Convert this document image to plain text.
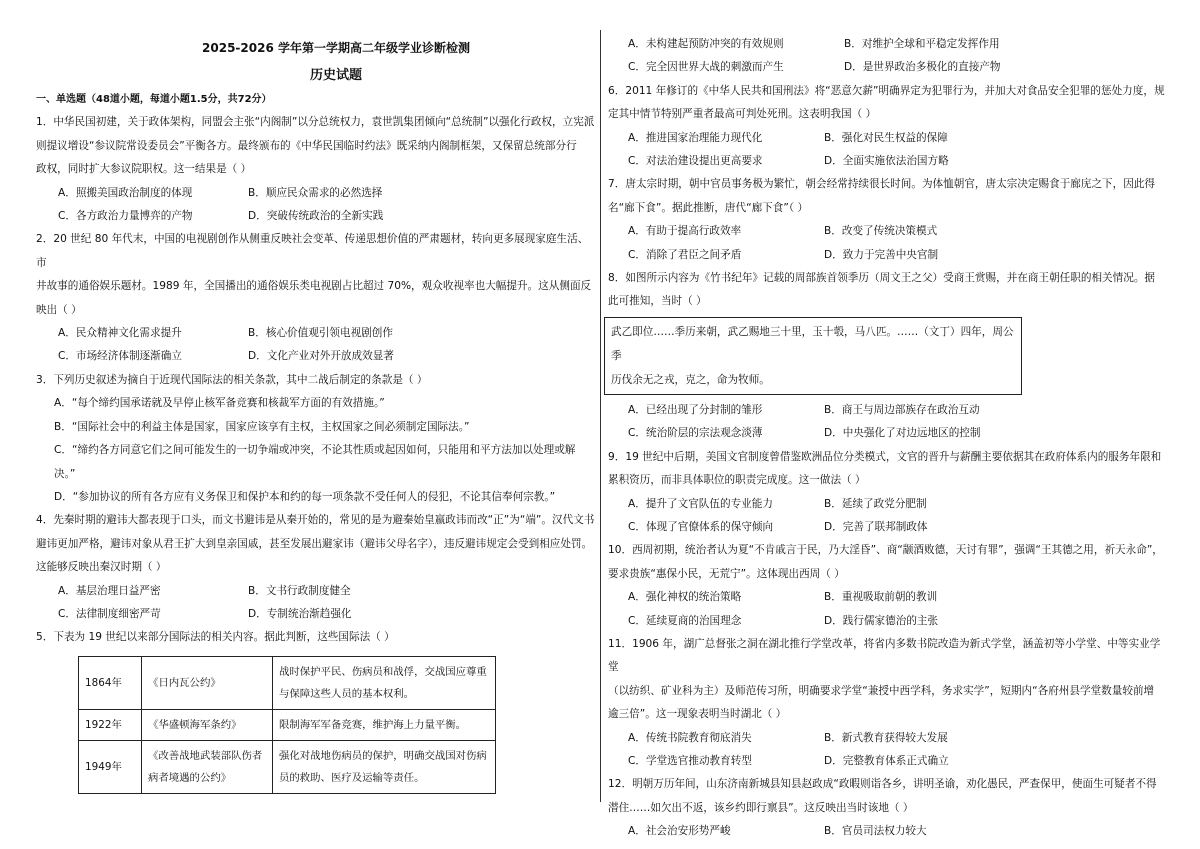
2025-2026 学年第一学期高二年级学业诊断检测
历史试题
一、单选题（48道小题，每道小题1.5分，共72分）
1．中华民国初建，关于政体架构，同盟会主张“内阁制”以分总统权力，袁世凯集团倾向“总统制”以强化行政权，立宪派
则提议增设“参议院常设委员会”平衡各方。最终颁布的《中华民国临时约法》既采纳内阁制框架，又保留总统部分行
政权，同时扩大参议院职权。这一结果是（ ）
A．照搬美国政治制度的体现	B．顺应民众需求的必然选择
C．各方政治力量博弈的产物	D．突破传统政治的全新实践
2．20 世纪 80 年代末，中国的电视剧创作从侧重反映社会变革、传递思想价值的严肃题材，转向更多展现家庭生活、市
井故事的通俗娱乐题材。1989 年，全国播出的通俗娱乐类电视剧占比超过 70%，观众收视率也大幅提升。这从侧面反
映出（ ）
A．民众精神文化需求提升	B．核心价值观引领电视剧创作
C．市场经济体制逐渐确立	D．文化产业对外开放成效显著
3．下列历史叙述为摘自于近现代国际法的相关条款，其中二战后制定的条款是（ ）
A．“每个缔约国承诺就及早停止核军备竞赛和核裁军方面的有效措施。”
B．“国际社会中的利益主体是国家，国家应该享有主权，主权国家之间必须制定国际法。”
C．“缔约各方同意它们之间可能发生的一切争端或冲突，不论其性质或起因如何，只能用和平方法加以处理或解
决。”
D．“参加协议的所有各方应有义务保卫和保护本和约的每一项条款不受任何人的侵犯，不论其信奉何宗教。”
4．先秦时期的避讳大都表现于口头，而文书避讳是从秦开始的，常见的是为避秦始皇嬴政讳而改“正”为“端”。汉代文书
避讳更加严格，避讳对象从君王扩大到皇亲国戚，甚至发展出避家讳（避讳父母名字），违反避讳规定会受到相应处罚。
这能够反映出秦汉时期（ ）
A．基层治理日益严密	B．文书行政制度健全
C．法律制度细密严苛	D．专制统治渐趋强化
5．下表为 19 世纪以来部分国际法的相关内容。据此判断，这些国际法（ ）
1864年	《日内瓦公约》	战时保护平民、伤病员和战俘，交战国应尊重与保障这些人员的基本权利。
1922年	《华盛顿海军条约》	限制海军军备竞赛，维护海上力量平衡。
1949年	《改善战地武装部队伤者病者境遇的公约》	强化对战地伤病员的保护，明确交战国对伤病员的救助、医疗及运输等责任。
A．未构建起预防冲突的有效规则	B．对维护全球和平稳定发挥作用
C．完全因世界大战的刺激而产生	D．是世界政治多极化的直接产物
6．2011 年修订的《中华人民共和国刑法》将“恶意欠薪”明确界定为犯罪行为，并加大对食品安全犯罪的惩处力度，规
定其中情节特别严重者最高可判处死刑。这表明我国（ ）
A．推进国家治理能力现代化	B．强化对民生权益的保障
C．对法治建设提出更高要求	D．全面实施依法治国方略
7．唐太宗时期，朝中官员事务极为繁忙，朝会经常持续很长时间。为体恤朝官，唐太宗决定赐食于廊庑之下，因此得
名“廊下食”。据此推断，唐代“廊下食”（ ）
A．有助于提高行政效率	B．改变了传统决策模式
C．消除了君臣之间矛盾	D．致力于完善中央官制
8．如图所示内容为《竹书纪年》记载的周部族首领季历（周文王之父）受商王赏赐，并在商王朝任职的相关情况。据
此可推知，当时（ ）
武乙即位……季历来朝，武乙赐地三十里，玉十彀，马八匹。……（文丁）四年，周公季
历伐余无之戎，克之，命为牧师。
A．已经出现了分封制的雏形	B．商王与周边部族存在政治互动
C．统治阶层的宗法观念淡薄	D．中央强化了对边远地区的控制
9．19 世纪中后期，美国文官制度曾借鉴欧洲品位分类模式，文官的晋升与薪酬主要依据其在政府体系内的服务年限和
累积资历，而非具体职位的职责完成度。这一做法（ ）
A．提升了文官队伍的专业能力	B．延续了政党分肥制
C．体现了官僚体系的保守倾向	D．完善了联邦制政体
10．西周初期，统治者认为夏“不肯戚言于民，乃大淫昏”、商“颛酒败德，天讨有罪”，强调“王其德之用，祈天永命”，
要求贵族“惠保小民，无荒宁”。这体现出西周（ ）
A．强化神权的统治策略	B．重视吸取前朝的教训
C．延续夏商的治国理念	D．践行儒家德治的主张
11．1906 年，湖广总督张之洞在湖北推行学堂改革，将省内多数书院改造为新式学堂，涵盖初等小学堂、中等实业学堂
（以纺织、矿业科为主）及师范传习所，明确要求学堂“兼授中西学科，务求实学”，短期内“各府州县学堂数量较前增
逾三倍”。这一现象表明当时湖北（ ）
A．传统书院教育彻底消失	B．新式教育获得较大发展
C．学堂选官推动教育转型	D．完整教育体系正式确立
12．明朝万历年间，山东济南新城县知县赵政成“政暇则诣各乡，讲明圣谕，劝化愚民，严查保甲，使面生可疑者不得
潜住……如欠出不返，该乡约即行禀县”。这反映出当时该地（ ）
A．社会治安形势严峻	B．官员司法权力较大
